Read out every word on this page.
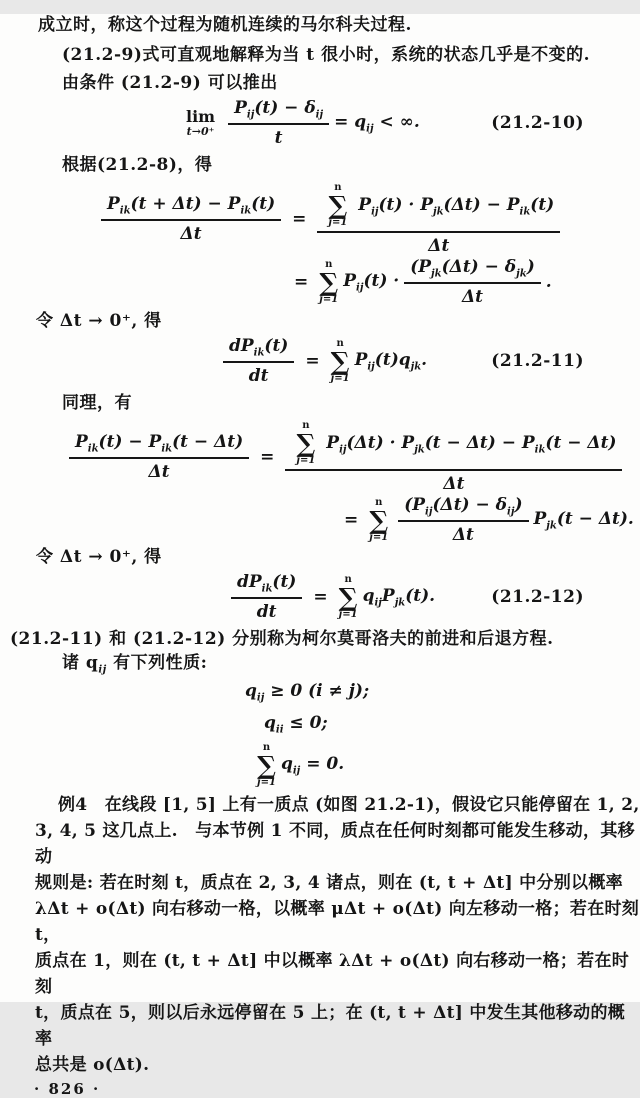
成立时，称这个过程为随机连续的马尔科夫过程.

(21.2-9)式可直观地解释为当 t 很小时，系统的状态几乎是不变的.

由条件 (21.2-9) 可以推出

lim
$t\to 0^+ \frac{P_{ij}(t) - \delta_{ij}}{t} = q_{ij}$ < ∞.	(21.2-10)

根据(21.2-8)，得

$\frac{P_{ik}(t + \Delta t) - P_{ik}(t)}{\Delta t}$ =
n
∑
j=1
$P_{ij}(t) \cdot P_{jk}(\Delta t) - P_{ik}(t)$
Δt
=
n
∑
j=1
$P_{ij}(t) \cdot \frac{(P_{jk}(\Delta t) - \delta_{jk})}{\Delta t}$ .

令 Δt → 0⁺, 得

$\frac{dP_{ik}(t)}{dt}$ =
n
∑
j=1
$P_{ij}(t)q_{jk}$.	(21.2-11)

同理，有

$\frac{P_{ik}(t) - P_{ik}(t - \Delta t)}{\Delta t}$ =
n
∑
j=1
$P_{ij}(\Delta t) \cdot P_{jk}(t - \Delta t) - P_{ik}(t - \Delta t)$
Δt
=
n
∑
$j=1 \frac{(P_{ij}(\Delta t) - \delta_{ij})}{\Delta t} P_{jk}(t - \Delta t)$.

令 Δt → 0⁺, 得

$\frac{dP_{ik}(t)}{dt}$ =
n
∑
j=1
$q_{ij}P_{jk}(t)$.	(21.2-12)

(21.2-11) 和 (21.2-12) 分别称为柯尔莫哥洛夫的前进和后退方程.

诸 $q_{ij}$ 有下列性质:

$q_{ij} \ge 0$ (i ≠ j);
$q_{ii} \le 0$;
n
∑
j=1
$q_{ij} = 0$.
例4　在线段 [1, 5] 上有一质点 (如图 21.2-1)，假设它只能停留在 1, 2,
3, 4, 5 这几点上.　与本节例 1 不同，质点在任何时刻都可能发生移动，其移动
规则是: 若在时刻 t，质点在 2, 3, 4 诸点，则在 (t, t + Δt] 中分别以概率
λΔt + o(Δt) 向右移动一格，以概率 μΔt + o(Δt) 向左移动一格；若在时刻 t，
质点在 1，则在 (t, t + Δt] 中以概率 λΔt + o(Δt) 向右移动一格；若在时刻
t，质点在 5，则以后永远停留在 5 上；在 (t, t + Δt] 中发生其他移动的概率
总共是 o(Δt).

· 826 ·
